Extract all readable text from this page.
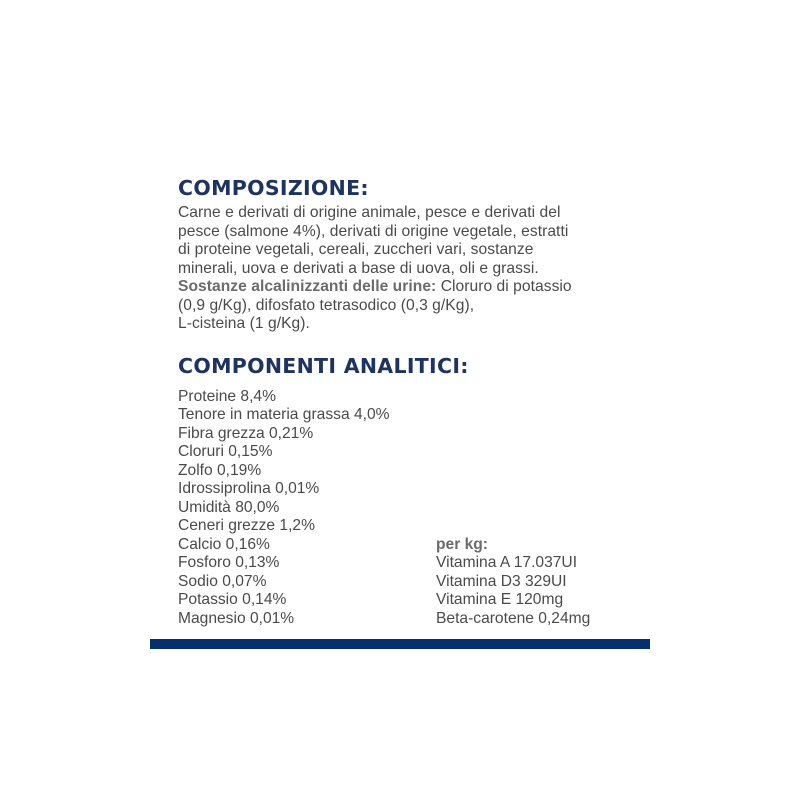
COMPOSIZIONE:
Carne e derivati di origine animale, pesce e derivati del
pesce (salmone 4%), derivati di origine vegetale, estratti
di proteine vegetali, cereali, zuccheri vari, sostanze
minerali, uova e derivati a base di uova, oli e grassi.
Sostanze alcalinizzanti delle urine: Cloruro di potassio
(0,9 g/Kg), difosfato tetrasodico (0,3 g/Kg),
L-cisteina (1 g/Kg).
COMPONENTI ANALITICI:
Proteine 8,4%
Tenore in materia grassa 4,0%
Fibra grezza 0,21%
Cloruri 0,15%
Zolfo 0,19%
Idrossiprolina 0,01%
Umidità 80,0%
Ceneri grezze 1,2%
Calcio 0,16%
Fosforo 0,13%
Sodio 0,07%
Potassio 0,14%
Magnesio 0,01%
per kg:
Vitamina A 17.037UI
Vitamina D3 329UI
Vitamina E 120mg
Beta-carotene 0,24mg
